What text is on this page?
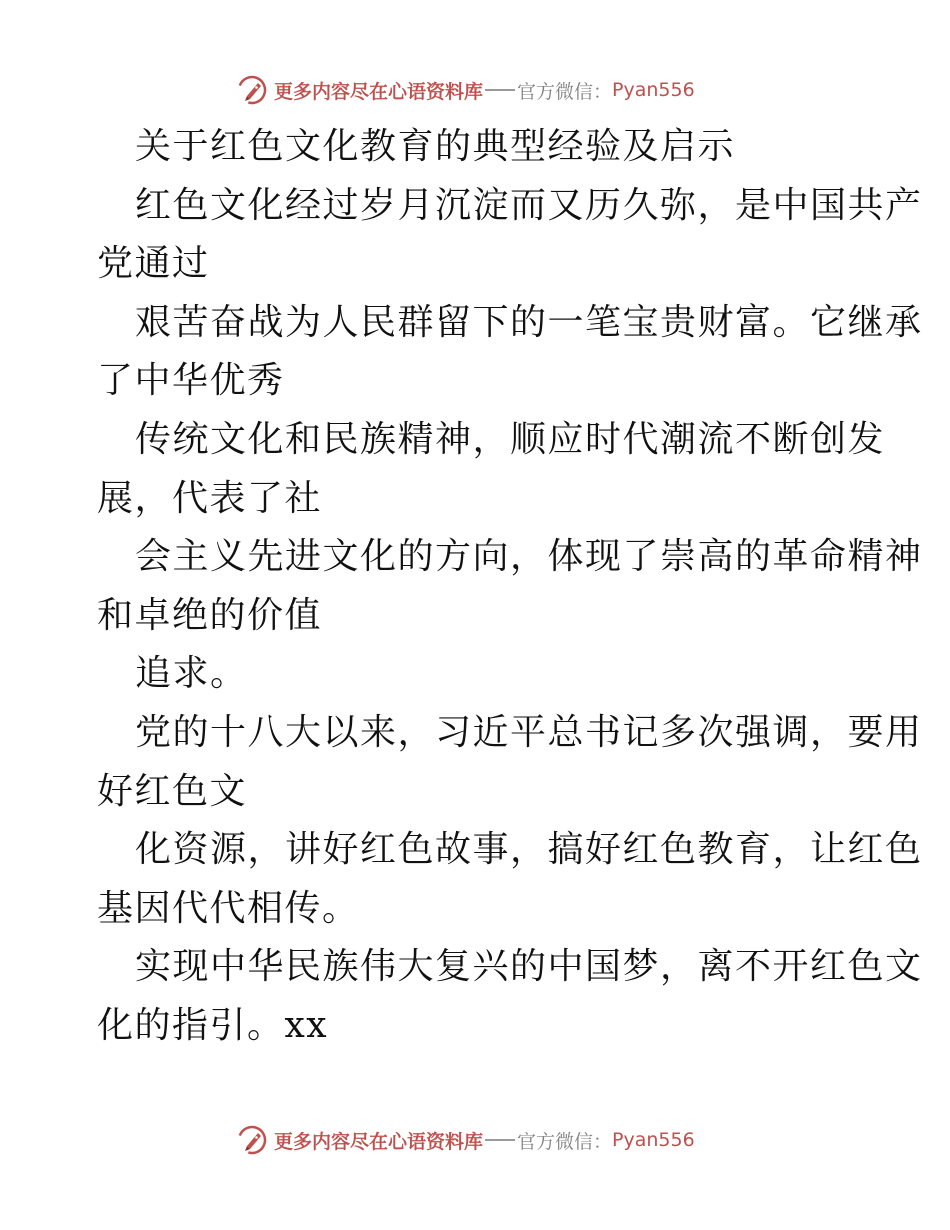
更多内容尽在心语资料库 官方微信： Pyan556
关于红色文化教育的典型经验及启示
红色文化经过岁月沉淀而又历久弥，是中国共产
党通过
艰苦奋战为人民群留下的一笔宝贵财富。它继承
了中华优秀
传统文化和民族精神，顺应时代潮流不断创发
展，代表了社
会主义先进文化的方向，体现了崇高的革命精神
和卓绝的价值
追求。
党的十八大以来，习近平总书记多次强调，要用
好红色文
化资源，讲好红色故事，搞好红色教育，让红色
基因代代相传。
实现中华民族伟大复兴的中国梦，离不开红色文
化的指引。xx
更多内容尽在心语资料库 官方微信： Pyan556
